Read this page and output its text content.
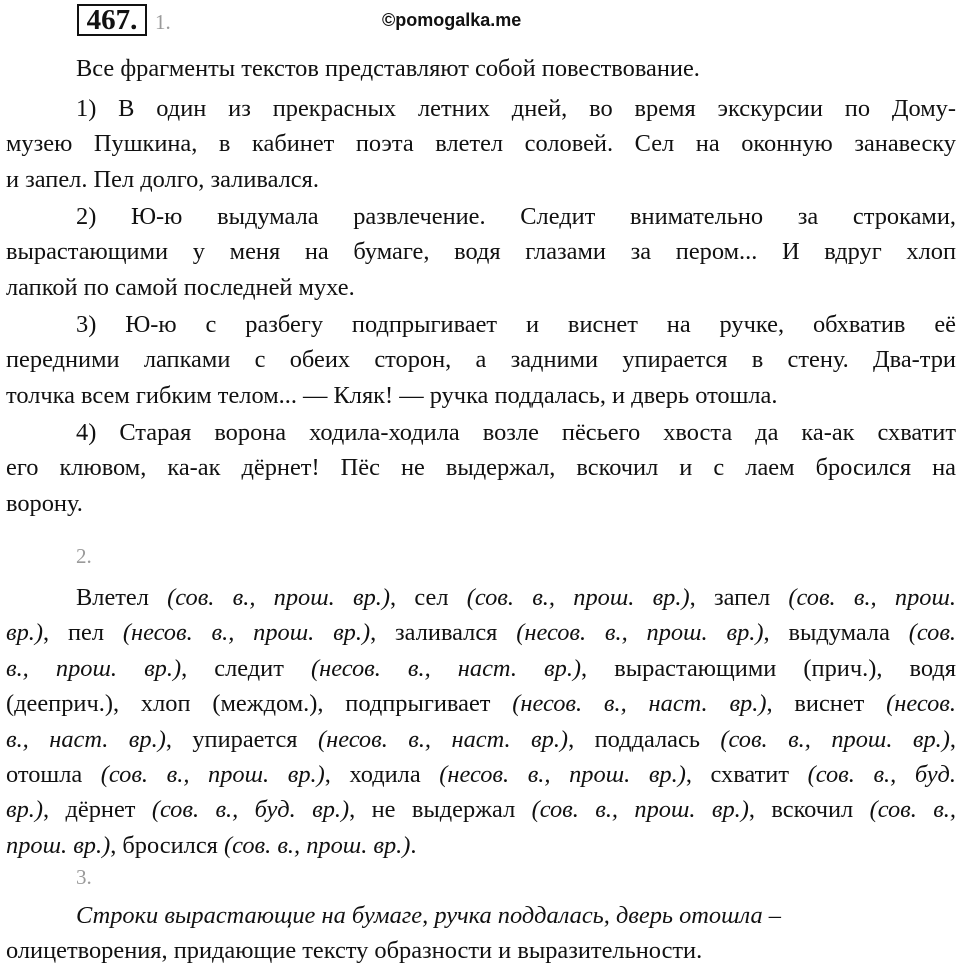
467. 1.	©pomogalka.me

Все фрагменты текстов представляют собой повествование.

1) В один из прекрасных летних дней, во время экскурсии по Дому-
музею Пушкина, в кабинет поэта влетел соловей. Сел на оконную занавеску
и запел. Пел долго, заливался.
2) Ю-ю выдумала развлечение. Следит внимательно за строками,
вырастающими у меня на бумаге, водя глазами за пером... И вдруг хлоп
лапкой по самой последней мухе.
3) Ю-ю с разбегу подпрыгивает и виснет на ручке, обхватив её
передними лапками с обеих сторон, а задними упирается в стену. Два-три
толчка всем гибким телом... — Кляк! — ручка поддалась, и дверь отошла.
4) Старая ворона ходила-ходила возле пёсьего хвоста да ка-ак схватит
его клювом, ка-ак дёрнет! Пёс не выдержал, вскочил и с лаем бросился на
ворону.
2.
Влетел (сов. в., прош. вр.), сел (сов. в., прош. вр.), запел (сов. в., прош.
вр.), пел (несов. в., прош. вр.), заливался (несов. в., прош. вр.), выдумала (сов.
в., прош. вр.), следит (несов. в., наст. вр.), вырастающими (прич.), водя
(дееприч.), хлоп (междом.), подпрыгивает (несов. в., наст. вр.), виснет (несов.
в., наст. вр.), упирается (несов. в., наст. вр.), поддалась (сов. в., прош. вр.),
отошла (сов. в., прош. вр.), ходила (несов. в., прош. вр.), схватит (сов. в., буд.
вр.), дёрнет (сов. в., буд. вр.), не выдержал (сов. в., прош. вр.), вскочил (сов. в.,
прош. вр.), бросился (сов. в., прош. вр.).
3.
Строки вырастающие на бумаге, ручка поддалась, дверь отошла –
олицетворения, придающие тексту образности и выразительности.
